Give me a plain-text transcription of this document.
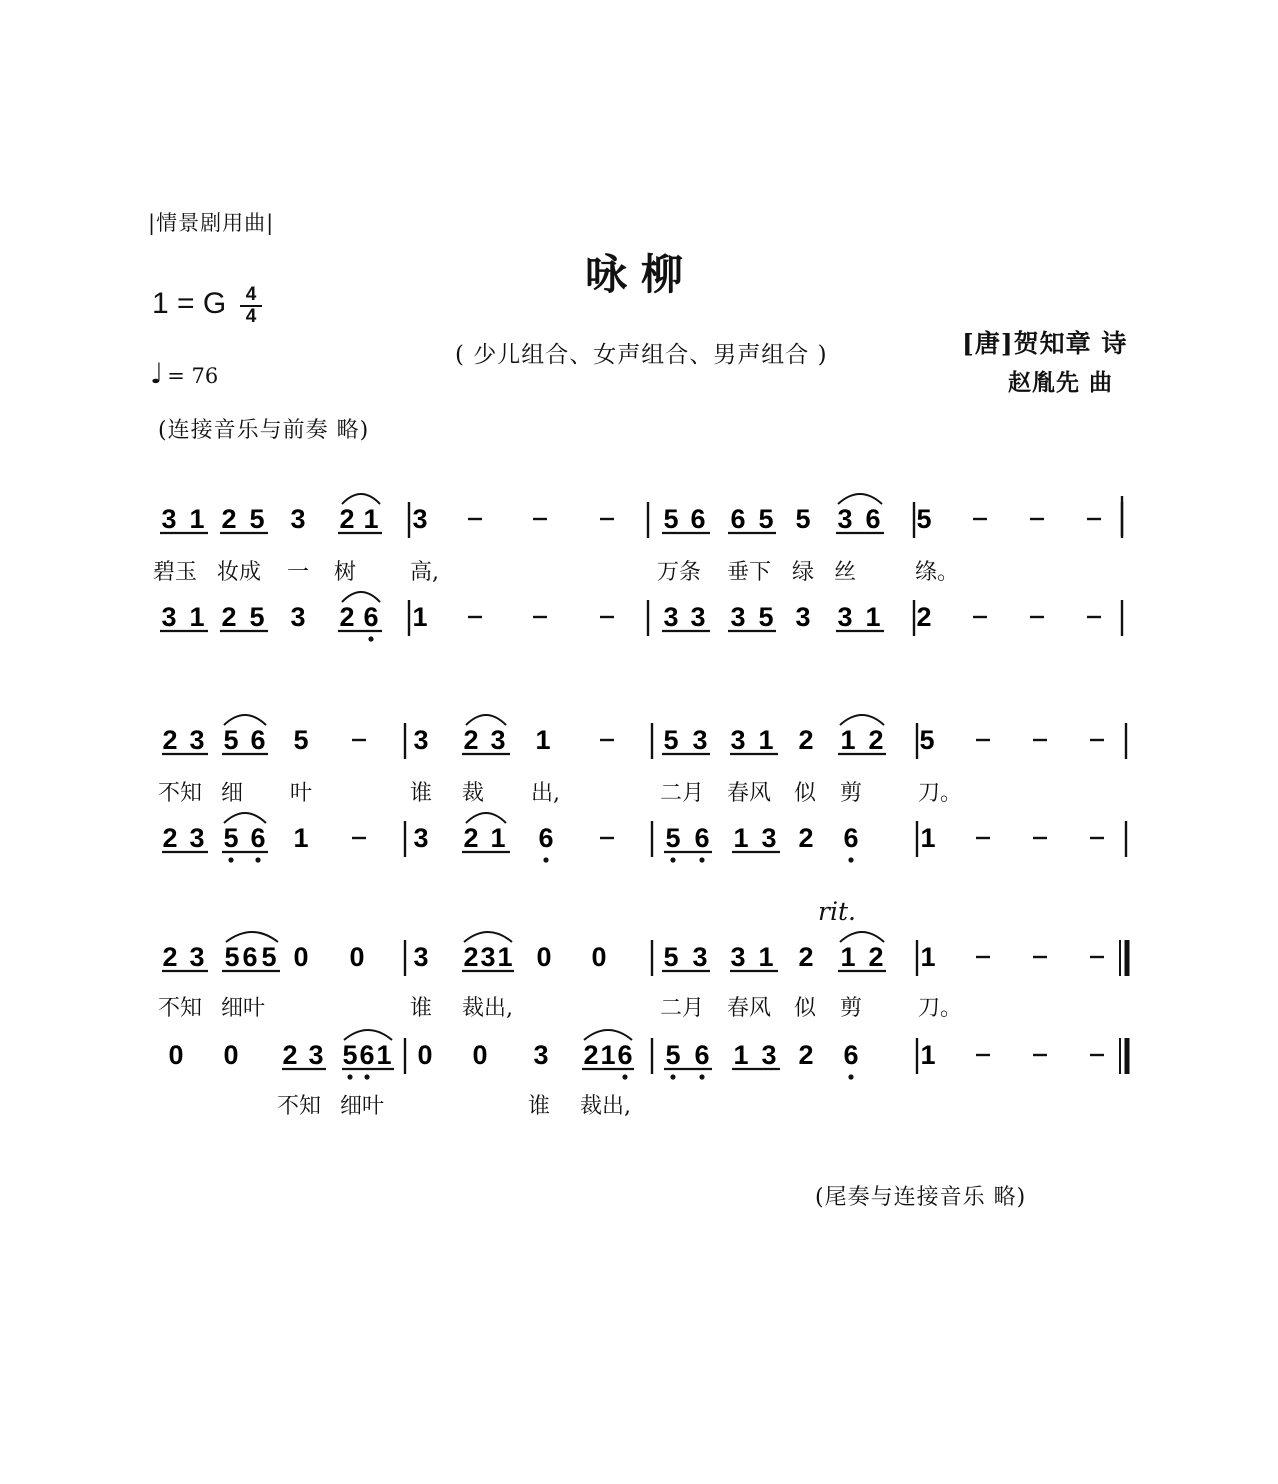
|情景剧用曲|
咏柳
1 = G	4
4
♩ = 76
( 少儿组合、女声组合、男声组合 )	[唐]贺知章 诗
赵胤先 曲
(连接音乐与前奏 略)
rit.
(尾奏与连接音乐 略)
3 1 2 5 3 2 1 3	5 6 6 5 5 3 6 5
3 1 2 5 3 2 6 1	3 3 3 5 3 3 1 2
2 3 5 6 5	3 2 3 1	5 3 3 1 2 1 2 5
2 3 5 6 1	3 2 1 6	5 6 1 3 2 6 1
2 3 5 6 5 0 0 3 2 3 1 0 0 5 3 3 1 2 1 2 1
0 0 2 3 5 6 1 0 0 3 2 1 6 5 6 1 3 2 6 1
碧玉 妆成 一 树 高,	万条 垂下 绿 丝	绦。
不知 细 叶	谁 裁 出,	二月 春风 似 剪	刀。
不知 细叶	谁 裁出,	二月 春风 似 剪	刀。
不知 细叶	谁 裁出,
